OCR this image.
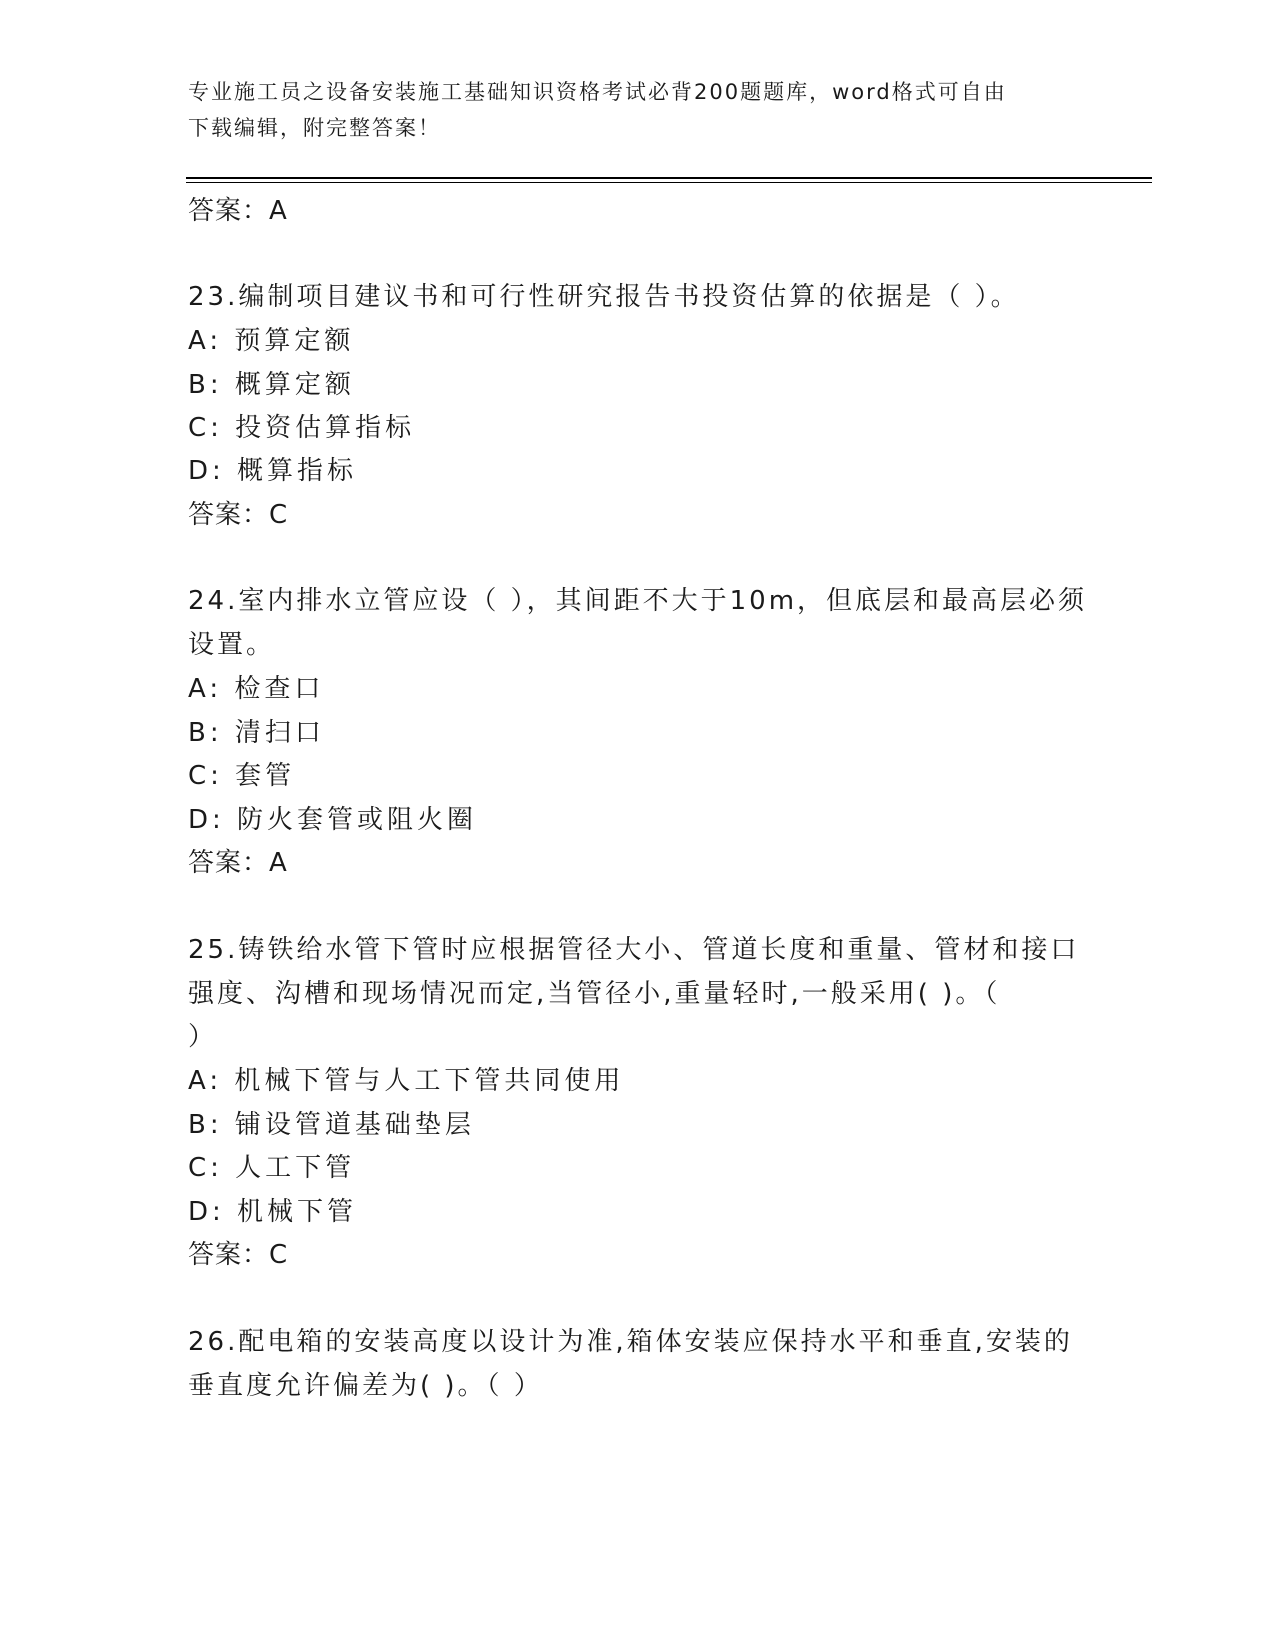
专业施工员之设备安装施工基础知识资格考试必背200题题库，word格式可自由
下载编辑，附完整答案！
答案：A
23.编制项目建议书和可行性研究报告书投资估算的依据是（ ）。
A: 预算定额
B: 概算定额
C: 投资估算指标
D: 概算指标
答案：C
24.室内排水立管应设（ ），其间距不大于10m，但底层和最高层必须
设置。
A: 检查口
B: 清扫口
C: 套管
D: 防火套管或阻火圈
答案：A
25.铸铁给水管下管时应根据管径大小、管道长度和重量、管材和接口
强度、沟槽和现场情况而定,当管径小,重量轻时,一般采用( )。（
）
A: 机械下管与人工下管共同使用
B: 铺设管道基础垫层
C: 人工下管
D: 机械下管
答案：C
26.配电箱的安装高度以设计为准,箱体安装应保持水平和垂直,安装的
垂直度允许偏差为( )。（ ）
